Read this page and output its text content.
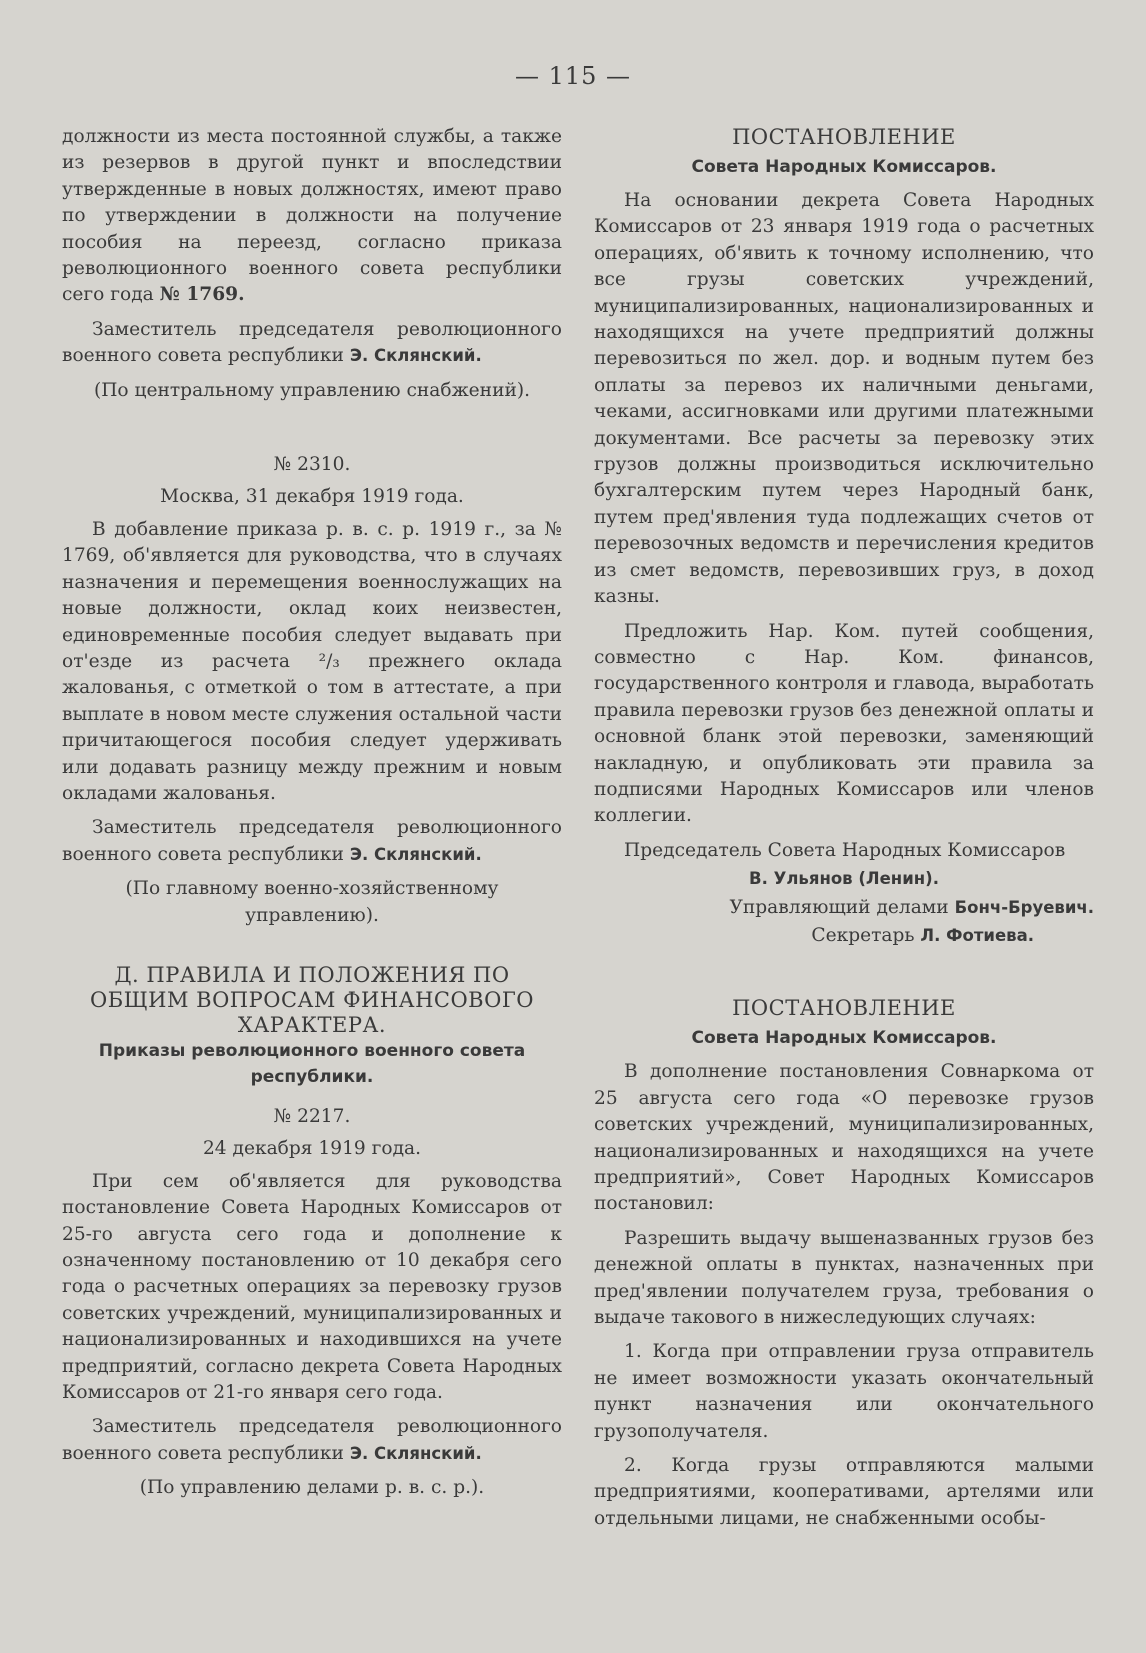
— 115 —

должности из места постоянной службы, а также из резервов в другой пункт и впоследствии утвержденные в новых должностях, имеют право по утверждении в должности на получение пособия на переезд, согласно приказа революционного военного совета республики сего года № 1769.

Заместитель председателя революционного военного совета республики Э. Склянский.

(По центральному управлению снабжений).

№ 2310.

Москва, 31 декабря 1919 года.

В добавление приказа р. в. с. р. 1919 г., за № 1769, об'является для руководства, что в случаях назначения и перемещения военнослужащих на новые должности, оклад коих неизвестен, единовременные пособия следует выдавать при от'езде из расчета ²/₃ прежнего оклада жалованья, с отметкой о том в аттестате, а при выплате в новом месте служения остальной части причитающегося пособия следует удерживать или додавать разницу между прежним и новым окладами жалованья.

Заместитель председателя революционного военного совета республики Э. Склянский.

(По главному военно-хозяйственному управлению).

Д. ПРАВИЛА И ПОЛОЖЕНИЯ ПО ОБЩИМ ВОПРОСАМ ФИНАНСОВОГО ХАРАКТЕРА.

Приказы революционного военного совета республики.

№ 2217.

24 декабря 1919 года.

При сем об'является для руководства постановление Совета Народных Комиссаров от 25-го августа сего года и дополнение к означенному постановлению от 10 декабря сего года о расчетных операциях за перевозку грузов советских учреждений, муниципализированных и национализированных и находившихся на учете предприятий, согласно декрета Совета Народных Комиссаров от 21-го января сего года.

Заместитель председателя революционного военного совета республики Э. Склянский.

(По управлению делами р. в. с. р.).

ПОСТАНОВЛЕНИЕ

Совета Народных Комиссаров.

На основании декрета Совета Народных Комиссаров от 23 января 1919 года о расчетных операциях, об'явить к точному исполнению, что все грузы советских учреждений, муниципализированных, национализированных и находящихся на учете предприятий должны перевозиться по жел. дор. и водным путем без оплаты за перевоз их наличными деньгами, чеками, ассигновками или другими платежными документами. Все расчеты за перевозку этих грузов должны производиться исключительно бухгалтерским путем через Народный банк, путем пред'явления туда подлежащих счетов от перевозочных ведомств и перечисления кредитов из смет ведомств, перевозивших груз, в доход казны.

Предложить Нар. Ком. путей сообщения, совместно с Нар. Ком. финансов, государственного контроля и главода, выработать правила перевозки грузов без денежной оплаты и основной бланк этой перевозки, заменяющий накладную, и опубликовать эти правила за подписями Народных Комиссаров или членов коллегии.

Председатель Совета Народных Комиссаров

В. Ульянов (Ленин).

Управляющий делами Бонч-Бруевич.

Секретарь Л. Фотиева.

ПОСТАНОВЛЕНИЕ

Совета Народных Комиссаров.

В дополнение постановления Совнаркома от 25 августа сего года «О перевозке грузов советских учреждений, муниципализированных, национализированных и находящихся на учете предприятий», Совет Народных Комиссаров постановил:

Разрешить выдачу вышеназванных грузов без денежной оплаты в пунктах, назначенных при пред'явлении получателем груза, требования о выдаче такового в нижеследующих случаях:

1. Когда при отправлении груза отправитель не имеет возможности указать окончательный пункт назначения или окончательного грузополучателя.

2. Когда грузы отправляются малыми предприятиями, кооперативами, артелями или отдельными лицами, не снабженными особы-
